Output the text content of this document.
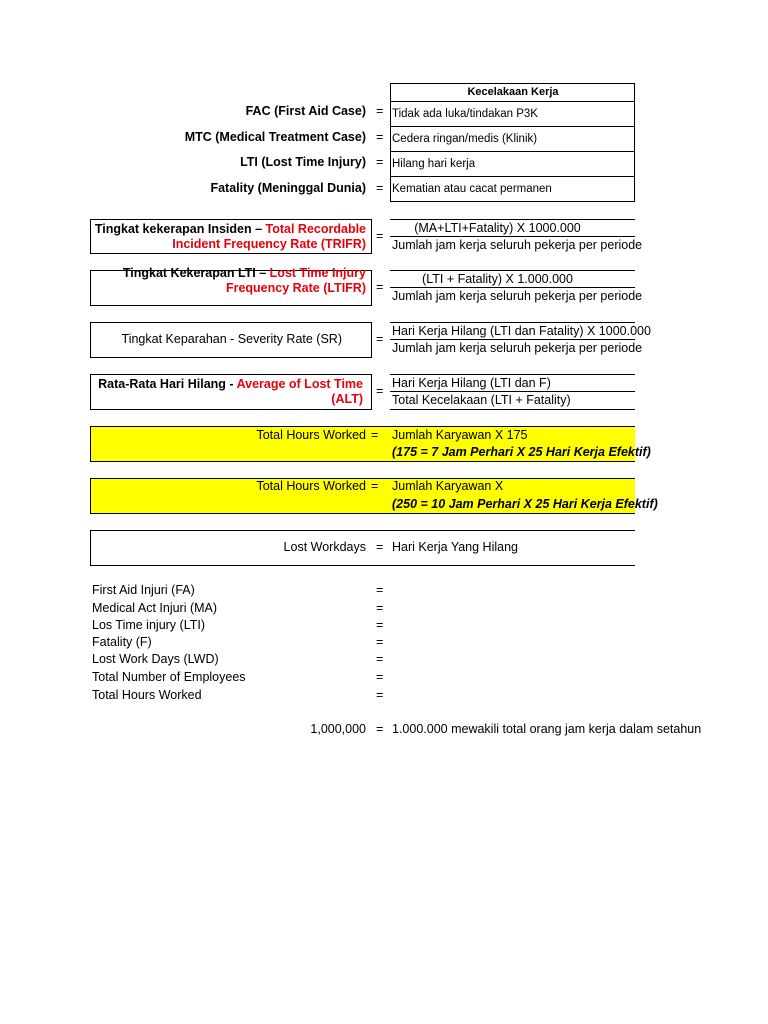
Kecelakaan Kerja
FAC (First Aid Case) = Tidak ada luka/tindakan P3K
MTC (Medical Treatment Case) = Cedera ringan/medis (Klinik)
LTI (Lost Time Injury) = Hilang hari kerja
Fatality (Meninggal Dunia) = Kematian atau cacat permanen
Tingkat kekerapan Insiden – Total Recordable
Incident Frequency Rate (TRIFR)
=
(MA+LTI+Fatality) X 1000.000
Jumlah jam kerja seluruh pekerja per periode
Tingkat Kekerapan LTI – Lost Time Injury
Frequency Rate (LTIFR) =
(LTI + Fatality) X 1.000.000
Jumlah jam kerja seluruh pekerja per periode
Tingkat Keparahan - Severity Rate (SR)	=
Hari Kerja Hilang (LTI dan Fatality) X 1000.000
Jumlah jam kerja seluruh pekerja per periode
Rata-Rata Hari Hilang - Average of Lost Time
(ALT)
=
Hari Kerja Hilang (LTI dan F)
Total Kecelakaan (LTI + Fatality)
Total Hours Worked = Jumlah Karyawan X 175
(175 = 7 Jam Perhari X 25 Hari Kerja Efektif)
Total Hours Worked = Jumlah Karyawan X
(250 = 10 Jam Perhari X 25 Hari Kerja Efektif)
Lost Workdays = Hari Kerja Yang Hilang
First Aid Injuri (FA)	=
Medical Act Injuri (MA)	=
Los Time injury (LTI)	=
Fatality (F)	=
Lost Work Days (LWD)	=
Total Number of Employees	=
Total Hours Worked	=
1,000,000 = 1.000.000 mewakili total orang jam kerja dalam setahun
